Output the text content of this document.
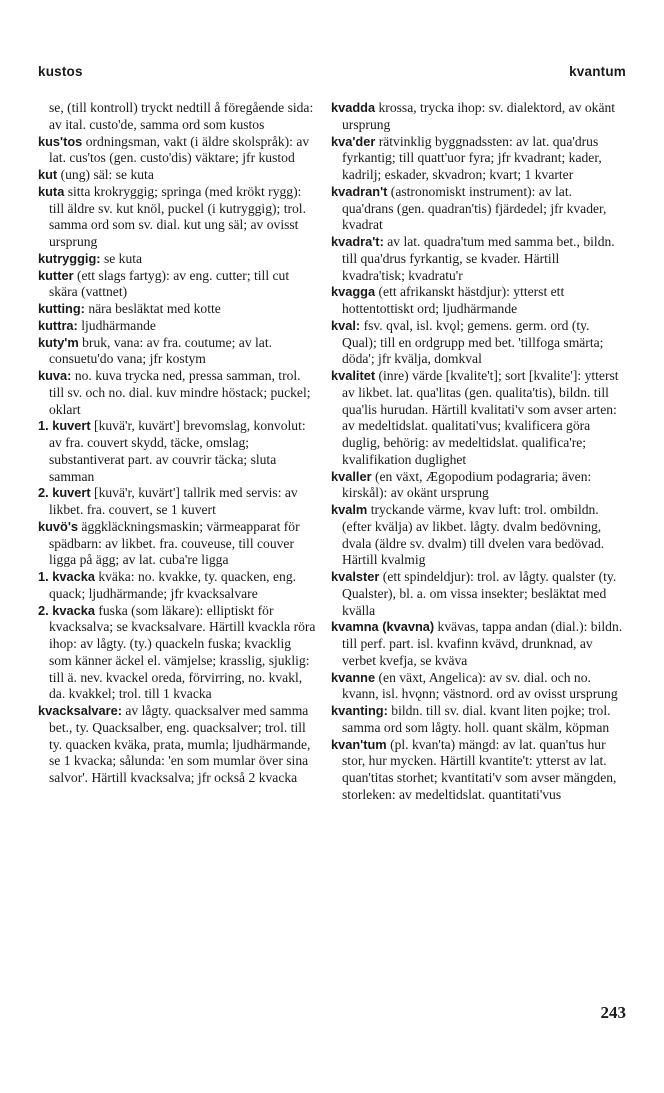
kustos	kvantum

se, (till kontroll) tryckt nedtill å föregående sida: av ital. custo'de, samma ord som kustos

kus'tos ordningsman, vakt (i äldre skolspråk): av lat. cus'tos (gen. custo'dis) väktare; jfr kustod

kut (ung) säl: se kuta

kuta sitta krokryggig; springa (med krökt rygg): till äldre sv. kut knöl, puckel (i kutryggig); trol. samma ord som sv. dial. kut ung säl; av ovisst ursprung

kutryggig: se kuta

kutter (ett slags fartyg): av eng. cutter; till cut skära (vattnet)

kutting: nära besläktat med kotte

kuttra: ljudhärmande

kuty'm bruk, vana: av fra. coutume; av lat. consuetu'do vana; jfr kostym

kuva: no. kuva trycka ned, pressa samman, trol. till sv. och no. dial. kuv mindre höstack; puckel; oklart

1. kuvert [kuvä'r, kuvärt'] brevomslag, konvolut: av fra. couvert skydd, täcke, omslag; substantiverat part. av couvrir täcka; sluta samman

2. kuvert [kuvä'r, kuvärt'] tallrik med servis: av likbet. fra. couvert, se 1 kuvert

kuvö's äggkläckningsmaskin; värmeapparat för spädbarn: av likbet. fra. couveuse, till couver ligga på ägg; av lat. cuba're ligga

1. kvacka kväka: no. kvakke, ty. quacken, eng. quack; ljudhärmande; jfr kvacksalvare

2. kvacka fuska (som läkare): elliptiskt för kvacksalva; se kvacksalvare. Härtill kvackla röra ihop: av lågty. (ty.) quackeln fuska; kvacklig som känner äckel el. vämjelse; krasslig, sjuklig: till ä. nev. kvackel oreda, förvirring, no. kvakl, da. kvakkel; trol. till 1 kvacka

kvacksalvare: av lågty. quacksalver med samma bet., ty. Quacksalber, eng. quacksalver; trol. till ty. quacken kväka, prata, mumla; ljudhärmande, se 1 kvacka; sålunda: 'en som mumlar över sina salvor'. Härtill kvacksalva; jfr också 2 kvacka

kvadda krossa, trycka ihop: sv. dialektord, av okänt ursprung

kva'der rätvinklig byggnadssten: av lat. qua'drus fyrkantig; till quatt'uor fyra; jfr kvadrant; kader, kadrilj; eskader, skvadron; kvart; 1 kvarter

kvadran't (astronomiskt instrument): av lat. qua'drans (gen. quadran'tis) fjärdedel; jfr kvader, kvadrat

kvadra't: av lat. quadra'tum med samma bet., bildn. till qua'drus fyrkantig, se kvader. Härtill kvadra'tisk; kvadratu'r

kvagga (ett afrikanskt hästdjur): ytterst ett hottentottiskt ord; ljudhärmande

kval: fsv. qval, isl. kvǫl; gemens. germ. ord (ty. Qual); till en ordgrupp med bet. 'tillfoga smärta; döda'; jfr kvälja, domkval

kvalitet (inre) värde [kvalite't]; sort [kvalite']: ytterst av likbet. lat. qua'litas (gen. qualita'tis), bildn. till qua'lis hurudan. Härtill kvalitati'v som avser arten: av medeltidslat. qualitati'vus; kvalificera göra duglig, behörig: av medeltidslat. qualifica're; kvalifikation duglighet

kvaller (en växt, Ægopodium podagraria; även: kirskål): av okänt ursprung

kvalm tryckande värme, kvav luft: trol. ombildn. (efter kvälja) av likbet. lågty. dvalm bedövning, dvala (äldre sv. dvalm) till dvelen vara bedövad. Härtill kvalmig

kvalster (ett spindeldjur): trol. av lågty. qualster (ty. Qualster), bl. a. om vissa insekter; besläktat med kvälla

kvamna (kvavna) kvävas, tappa andan (dial.): bildn. till perf. part. isl. kvafinn kvävd, drunknad, av verbet kvefja, se kväva

kvanne (en växt, Angelica): av sv. dial. och no. kvann, isl. hvǫnn; västnord. ord av ovisst ursprung

kvanting: bildn. till sv. dial. kvant liten pojke; trol. samma ord som lågty. holl. quant skälm, köpman

kvan'tum (pl. kvan'ta) mängd: av lat. quan'tus hur stor, hur mycken. Härtill kvantite't: ytterst av lat. quan'titas storhet; kvantitati'v som avser mängden, storleken: av medeltidslat. quantitati'vus

243
